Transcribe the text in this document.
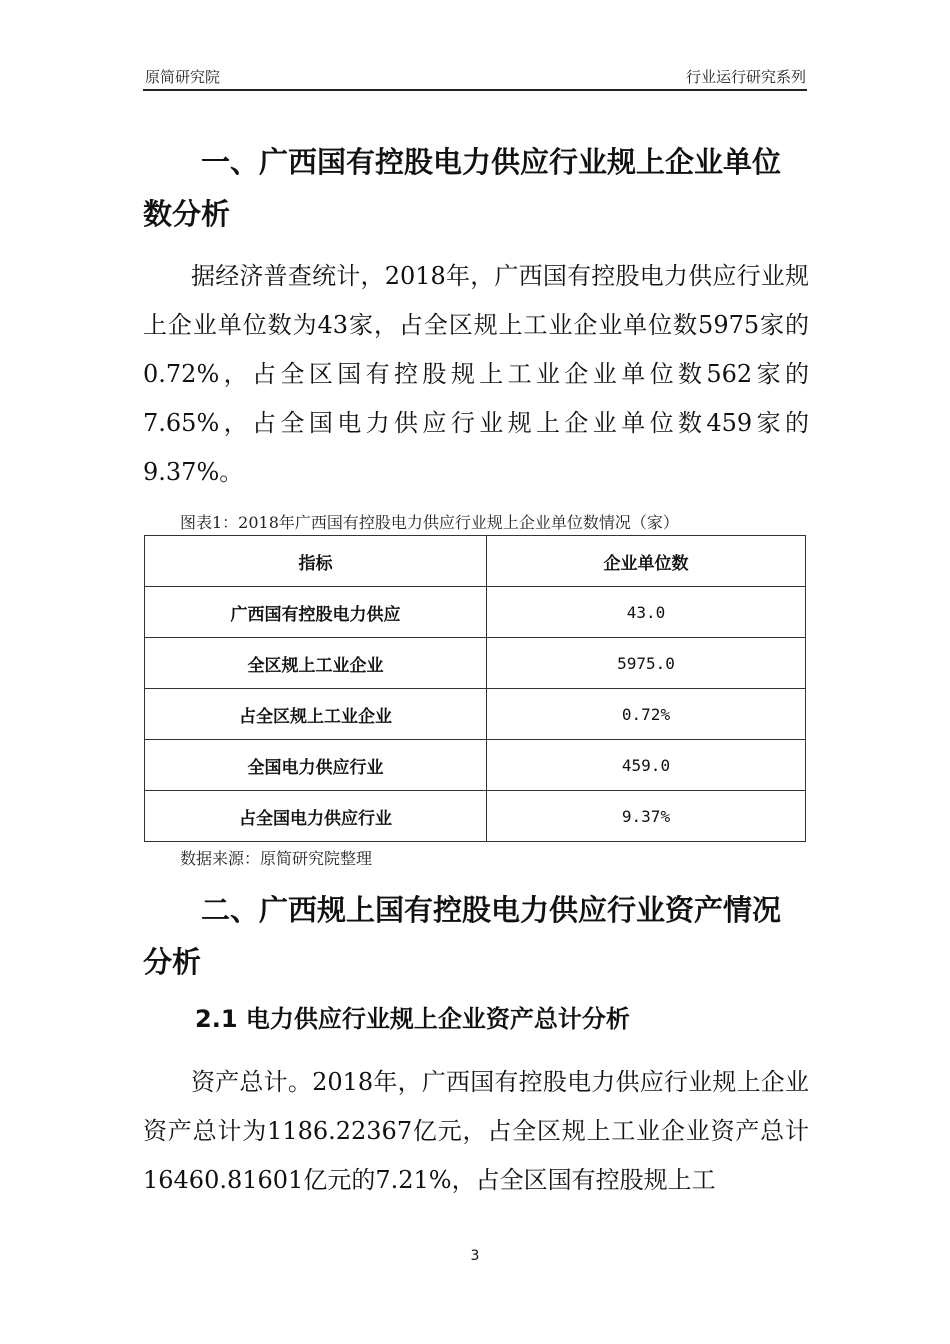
原简研究院	行业运行研究系列
一、广西国有控股电力供应行业规上企业单位数分析

据经济普查统计，2018年，广西国有控股电力供应行业规上企业单位数为43家，占全区规上工业企业单位数5975家的0.72%，占全区国有控股规上工业企业单位数562家的7.65%，占全国电力供应行业规上企业单位数459家的9.37%。

图表1：2018年广西国有控股电力供应行业规上企业单位数情况（家）
指标	企业单位数
广西国有控股电力供应	43.0
全区规上工业企业	5975.0
占全区规上工业企业	0.72%
全国电力供应行业	459.0
占全国电力供应行业	9.37%
数据来源：原简研究院整理
二、广西规上国有控股电力供应行业资产情况分析
2.1 电力供应行业规上企业资产总计分析

资产总计。2018年，广西国有控股电力供应行业规上企业资产总计为1186.22367亿元，占全区规上工业企业资产总计16460.81601亿元的7.21%，占全区国有控股规上工

3
